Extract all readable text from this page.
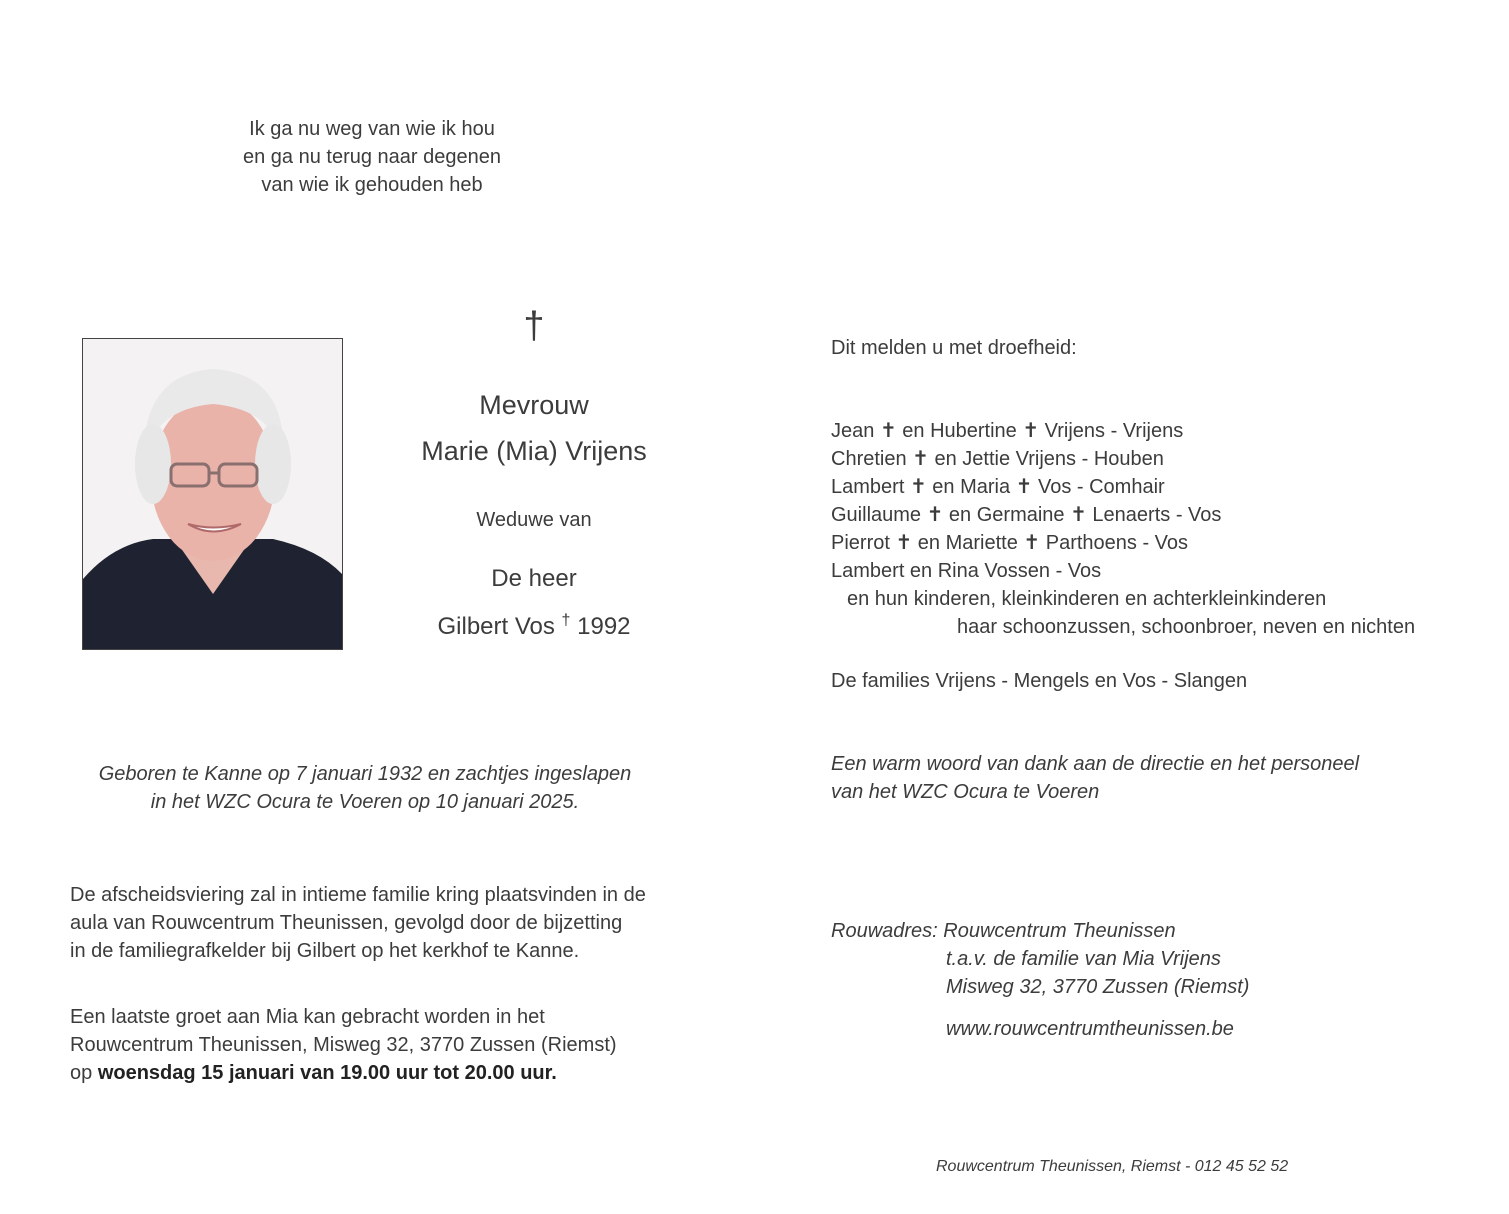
Ik ga nu weg van wie ik hou
en ga nu terug naar degenen
van wie ik gehouden heb
†
Mevrouw
Marie (Mia) Vrijens
Weduwe van
De heer
Gilbert Vos † 1992
Geboren te Kanne op 7 januari 1932 en zachtjes ingeslapen
in het WZC Ocura te Voeren op 10 januari 2025.
De afscheidsviering zal in intieme familie kring plaatsvinden in de
aula van Rouwcentrum Theunissen, gevolgd door de bijzetting
in de familiegrafkelder bij Gilbert op het kerkhof te Kanne.
Een laatste groet aan Mia kan gebracht worden in het
Rouwcentrum Theunissen, Misweg 32, 3770 Zussen (Riemst)
op woensdag 15 januari van 19.00 uur tot 20.00 uur.
Dit melden u met droefheid:
Jean ✝ en Hubertine ✝ Vrijens - Vrijens
Chretien ✝ en Jettie Vrijens - Houben
Lambert ✝ en Maria ✝ Vos - Comhair
Guillaume ✝ en Germaine ✝ Lenaerts - Vos
Pierrot ✝ en Mariette ✝ Parthoens - Vos
Lambert en Rina Vossen - Vos
en hun kinderen, kleinkinderen en achterkleinkinderen
haar schoonzussen, schoonbroer, neven en nichten
De families Vrijens - Mengels en Vos - Slangen
Een warm woord van dank aan de directie en het personeel
van het WZC Ocura te Voeren
Rouwadres: Rouwcentrum Theunissen
t.a.v. de familie van Mia Vrijens
Misweg 32, 3770 Zussen (Riemst)
www.rouwcentrumtheunissen.be
Rouwcentrum Theunissen, Riemst - 012 45 52 52
